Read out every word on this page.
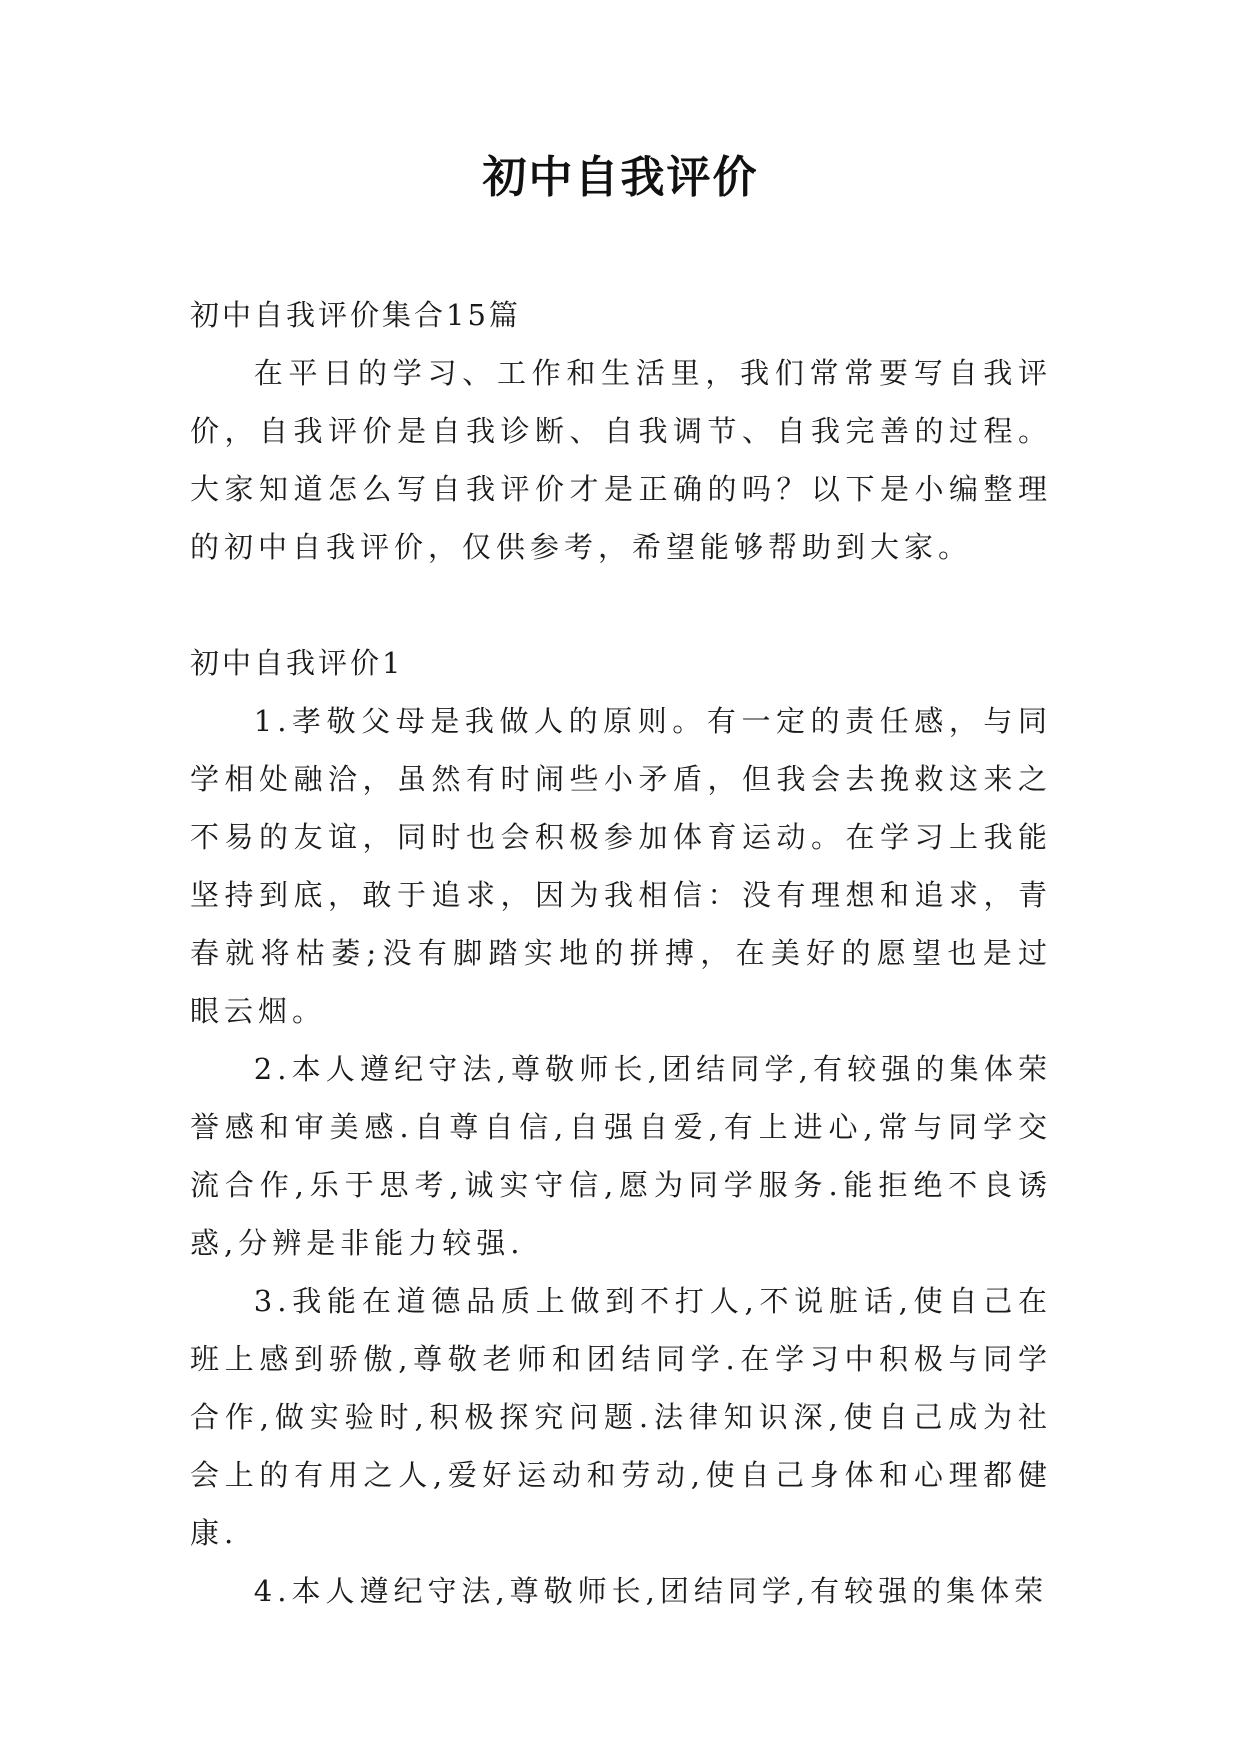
初中自我评价

初中自我评价集合15篇

在平日的学习、工作和生活里，我们常常要写自我评价，自我评价是自我诊断、自我调节、自我完善的过程。大家知道怎么写自我评价才是正确的吗？以下是小编整理的初中自我评价，仅供参考，希望能够帮助到大家。

初中自我评价1

1.孝敬父母是我做人的原则。有一定的责任感，与同学相处融洽，虽然有时闹些小矛盾，但我会去挽救这来之不易的友谊，同时也会积极参加体育运动。在学习上我能坚持到底，敢于追求，因为我相信：没有理想和追求，青春就将枯萎;没有脚踏实地的拼搏，在美好的愿望也是过眼云烟。

2.本人遵纪守法,尊敬师长,团结同学,有较强的集体荣誉感和审美感.自尊自信,自强自爱,有上进心,常与同学交流合作,乐于思考,诚实守信,愿为同学服务.能拒绝不良诱惑,分辨是非能力较强.

3.我能在道德品质上做到不打人,不说脏话,使自己在班上感到骄傲,尊敬老师和团结同学.在学习中积极与同学合作,做实验时,积极探究问题.法律知识深,使自己成为社会上的有用之人,爱好运动和劳动,使自己身体和心理都健康.

4.本人遵纪守法,尊敬师长,团结同学,有较强的集体荣
